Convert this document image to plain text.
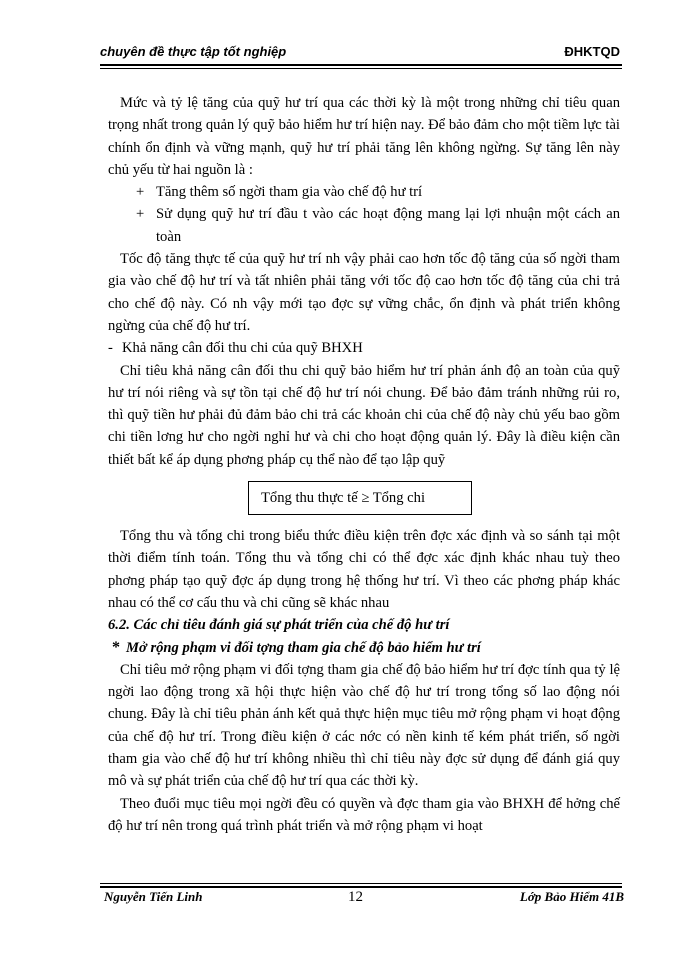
chuyên đề thực tập tốt nghiệp	ĐHKTQD

Mức và tỷ lệ tăng của quỹ hư trí qua các thời kỳ là một trong những chỉ tiêu quan trọng nhất trong quản lý quỹ bảo hiểm hư trí hiện nay. Để bảo đảm cho một tiềm lực tài chính ổn định và vững mạnh, quỹ hư trí phải tăng lên không ngừng. Sự tăng lên này chủ yếu từ hai nguồn là :

+ Tăng thêm số ngời tham gia vào chế độ hư trí
+ Sử dụng quỹ hư trí đầu t vào các hoạt động mang lại lợi nhuận một cách an toàn

Tốc độ tăng thực tế của quỹ hư trí nh vậy phải cao hơn tốc độ tăng của số ngời tham gia vào chế độ hư trí và tất nhiên phải tăng với tốc độ cao hơn tốc độ tăng của chi trả cho chế độ này. Có nh vậy mới tạo đợc sự vững chắc, ổn định và phát triển không ngừng của chế độ hư trí.

- Khả năng cân đối thu chi của quỹ BHXH

Chỉ tiêu khả năng cân đối thu chi quỹ bảo hiểm hư trí phản ánh độ an toàn của quỹ hư trí nói riêng và sự tồn tại chế độ hư trí nói chung. Để bảo đảm tránh những rủi ro, thì quỹ tiền hư phải đủ đảm bảo chi trả các khoản chi của chế độ này chủ yếu bao gồm chi tiền lơng hư cho ngời nghỉ hư và chi cho hoạt động quản lý. Đây là điều kiện cần thiết bất kể áp dụng phơng pháp cụ thể nào để tạo lập quỹ

Tổng thu thực tế ≥ Tổng chi

Tổng thu và tổng chi trong biểu thức điều kiện trên đợc xác định và so sánh tại một thời điểm tính toán. Tổng thu và tổng chi có thể đợc xác định khác nhau tuỳ theo phơng pháp tạo quỹ đợc áp dụng trong hệ thống hư trí. Vì theo các phơng pháp khác nhau có thể cơ cấu thu và chi cũng sẽ khác nhau

6.2. Các chỉ tiêu đánh giá sự phát triển của chế độ hư trí

* Mở rộng phạm vi đối tợng tham gia chế độ bảo hiểm hư trí

Chỉ tiêu mở rộng phạm vi đối tợng tham gia chế độ bảo hiểm hư trí đợc tính qua tỷ lệ ngời lao động trong xã hội thực hiện vào chế độ hư trí trong tổng số lao động nói chung. Đây là chỉ tiêu phản ánh kết quả thực hiện mục tiêu mở rộng phạm vi hoạt động của chế độ hư trí. Trong điều kiện ở các nớc có nền kinh tế kém phát triển, số ngời tham gia vào chế độ hư trí không nhiều thì chỉ tiêu này đợc sử dụng để đánh giá quy mô và sự phát triển của chế độ hư trí qua các thời kỳ.

Theo đuổi mục tiêu mọi ngời đều có quyền và đợc tham gia vào BHXH để hởng chế độ hư trí nên trong quá trình phát triển và mở rộng phạm vi hoạt

Nguyễn Tiến Linh	12	Lớp Bảo Hiểm 41B
